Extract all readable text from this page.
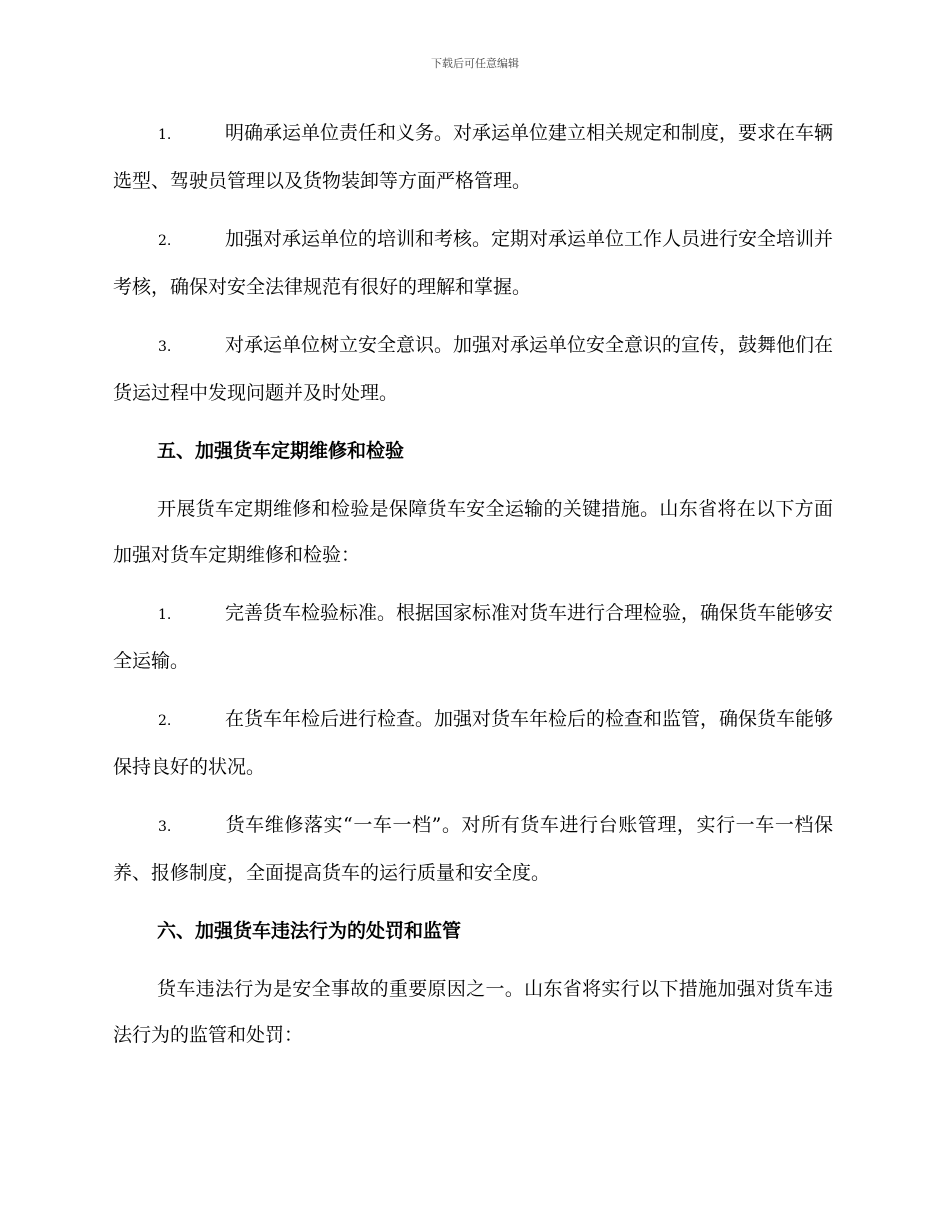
下载后可任意编辑

1.	明确承运单位责任和义务。对承运单位建立相关规定和制度，要求在车辆选型、驾驶员管理以及货物装卸等方面严格管理。

2.	加强对承运单位的培训和考核。定期对承运单位工作人员进行安全培训并考核，确保对安全法律规范有很好的理解和掌握。

3.	对承运单位树立安全意识。加强对承运单位安全意识的宣传，鼓舞他们在货运过程中发现问题并及时处理。

五、加强货车定期维修和检验

开展货车定期维修和检验是保障货车安全运输的关键措施。山东省将在以下方面加强对货车定期维修和检验：

1.	完善货车检验标准。根据国家标准对货车进行合理检验，确保货车能够安全运输。

2.	在货车年检后进行检查。加强对货车年检后的检查和监管，确保货车能够保持良好的状况。

3.	货车维修落实“一车一档”。对所有货车进行台账管理，实行一车一档保养、报修制度，全面提高货车的运行质量和安全度。

六、加强货车违法行为的处罚和监管

货车违法行为是安全事故的重要原因之一。山东省将实行以下措施加强对货车违法行为的监管和处罚：
